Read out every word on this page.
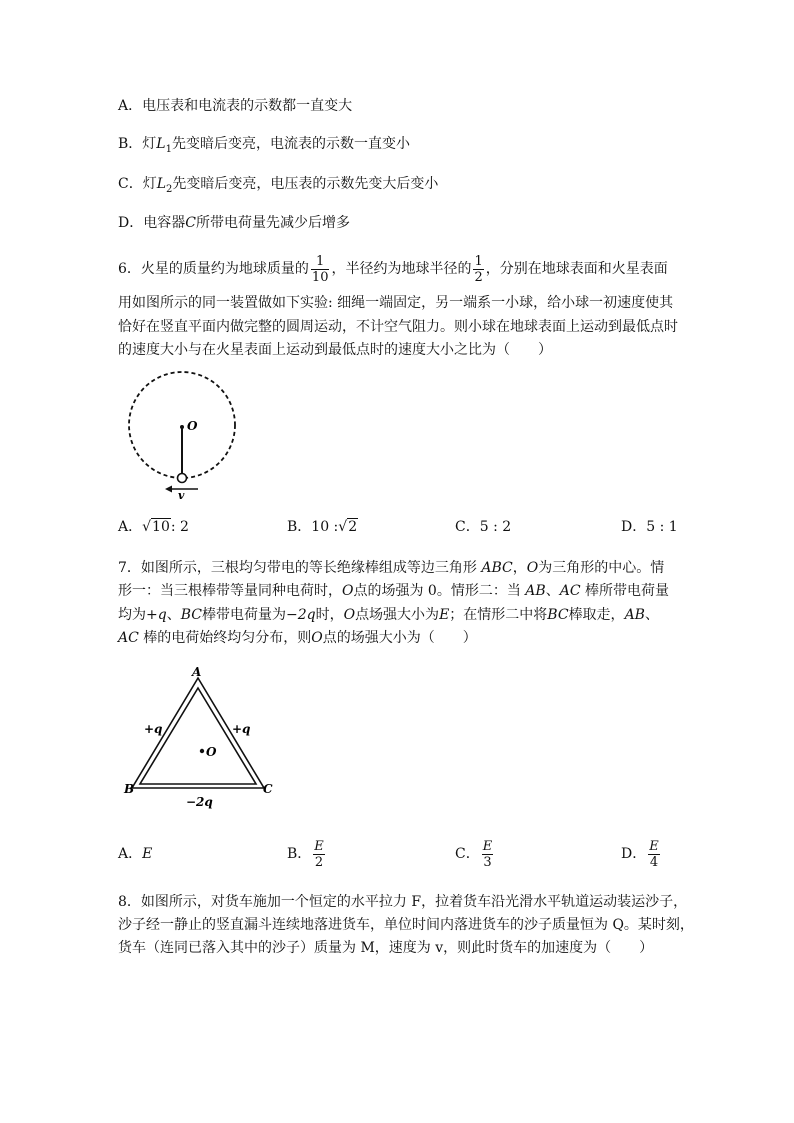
A．电压表和电流表的示数都一直变大
B．灯$L_1$先变暗后变亮，电流表的示数一直变小
C．灯$L_2$先变暗后变亮，电压表的示数先变大后变小
D．电容器C所带电荷量先减少后增多
6．火星的质量约为地球质量的 $\frac{1}{10}$ ，半径约为地球半径的 $\frac{1}{2}$ ，分别在地球表面和火星表面
用如图所示的同一装置做如下实验: 细绳一端固定，另一端系一小球，给小球一初速度使其
恰好在竖直平面内做完整的圆周运动，不计空气阻力。则小球在地球表面上运动到最低点时
的速度大小与在火星表面上运动到最低点时的速度大小之比为（　　）
O
v
A．√10: 2	B．10 :√2	C．5 : 2	D．5 : 1
7．如图所示，三根均匀带电的等长绝缘棒组成等边三角形 ABC，O为三角形的中心。情
形一：当三根棒带等量同种电荷时，O点的场强为 0。情形二：当 AB、AC 棒所带电荷量
均为+q、BC棒带电荷量为−2q时，O点场强大小为E；在情形二中将BC棒取走，AB、
AC 棒的电荷始终均匀分布，则O点的场强大小为（　　）
A
B	C
O
+q	+q
−2q
A．E	B． $\frac{E}{2}$	C． $\frac{E}{3}$	D． $\frac{E}{4}$
8．如图所示，对货车施加一个恒定的水平拉力 F，拉着货车沿光滑水平轨道运动装运沙子，
沙子经一静止的竖直漏斗连续地落进货车，单位时间内落进货车的沙子质量恒为 Q。某时刻，
货车（连同已落入其中的沙子）质量为 M，速度为 v，则此时货车的加速度为（　　）
